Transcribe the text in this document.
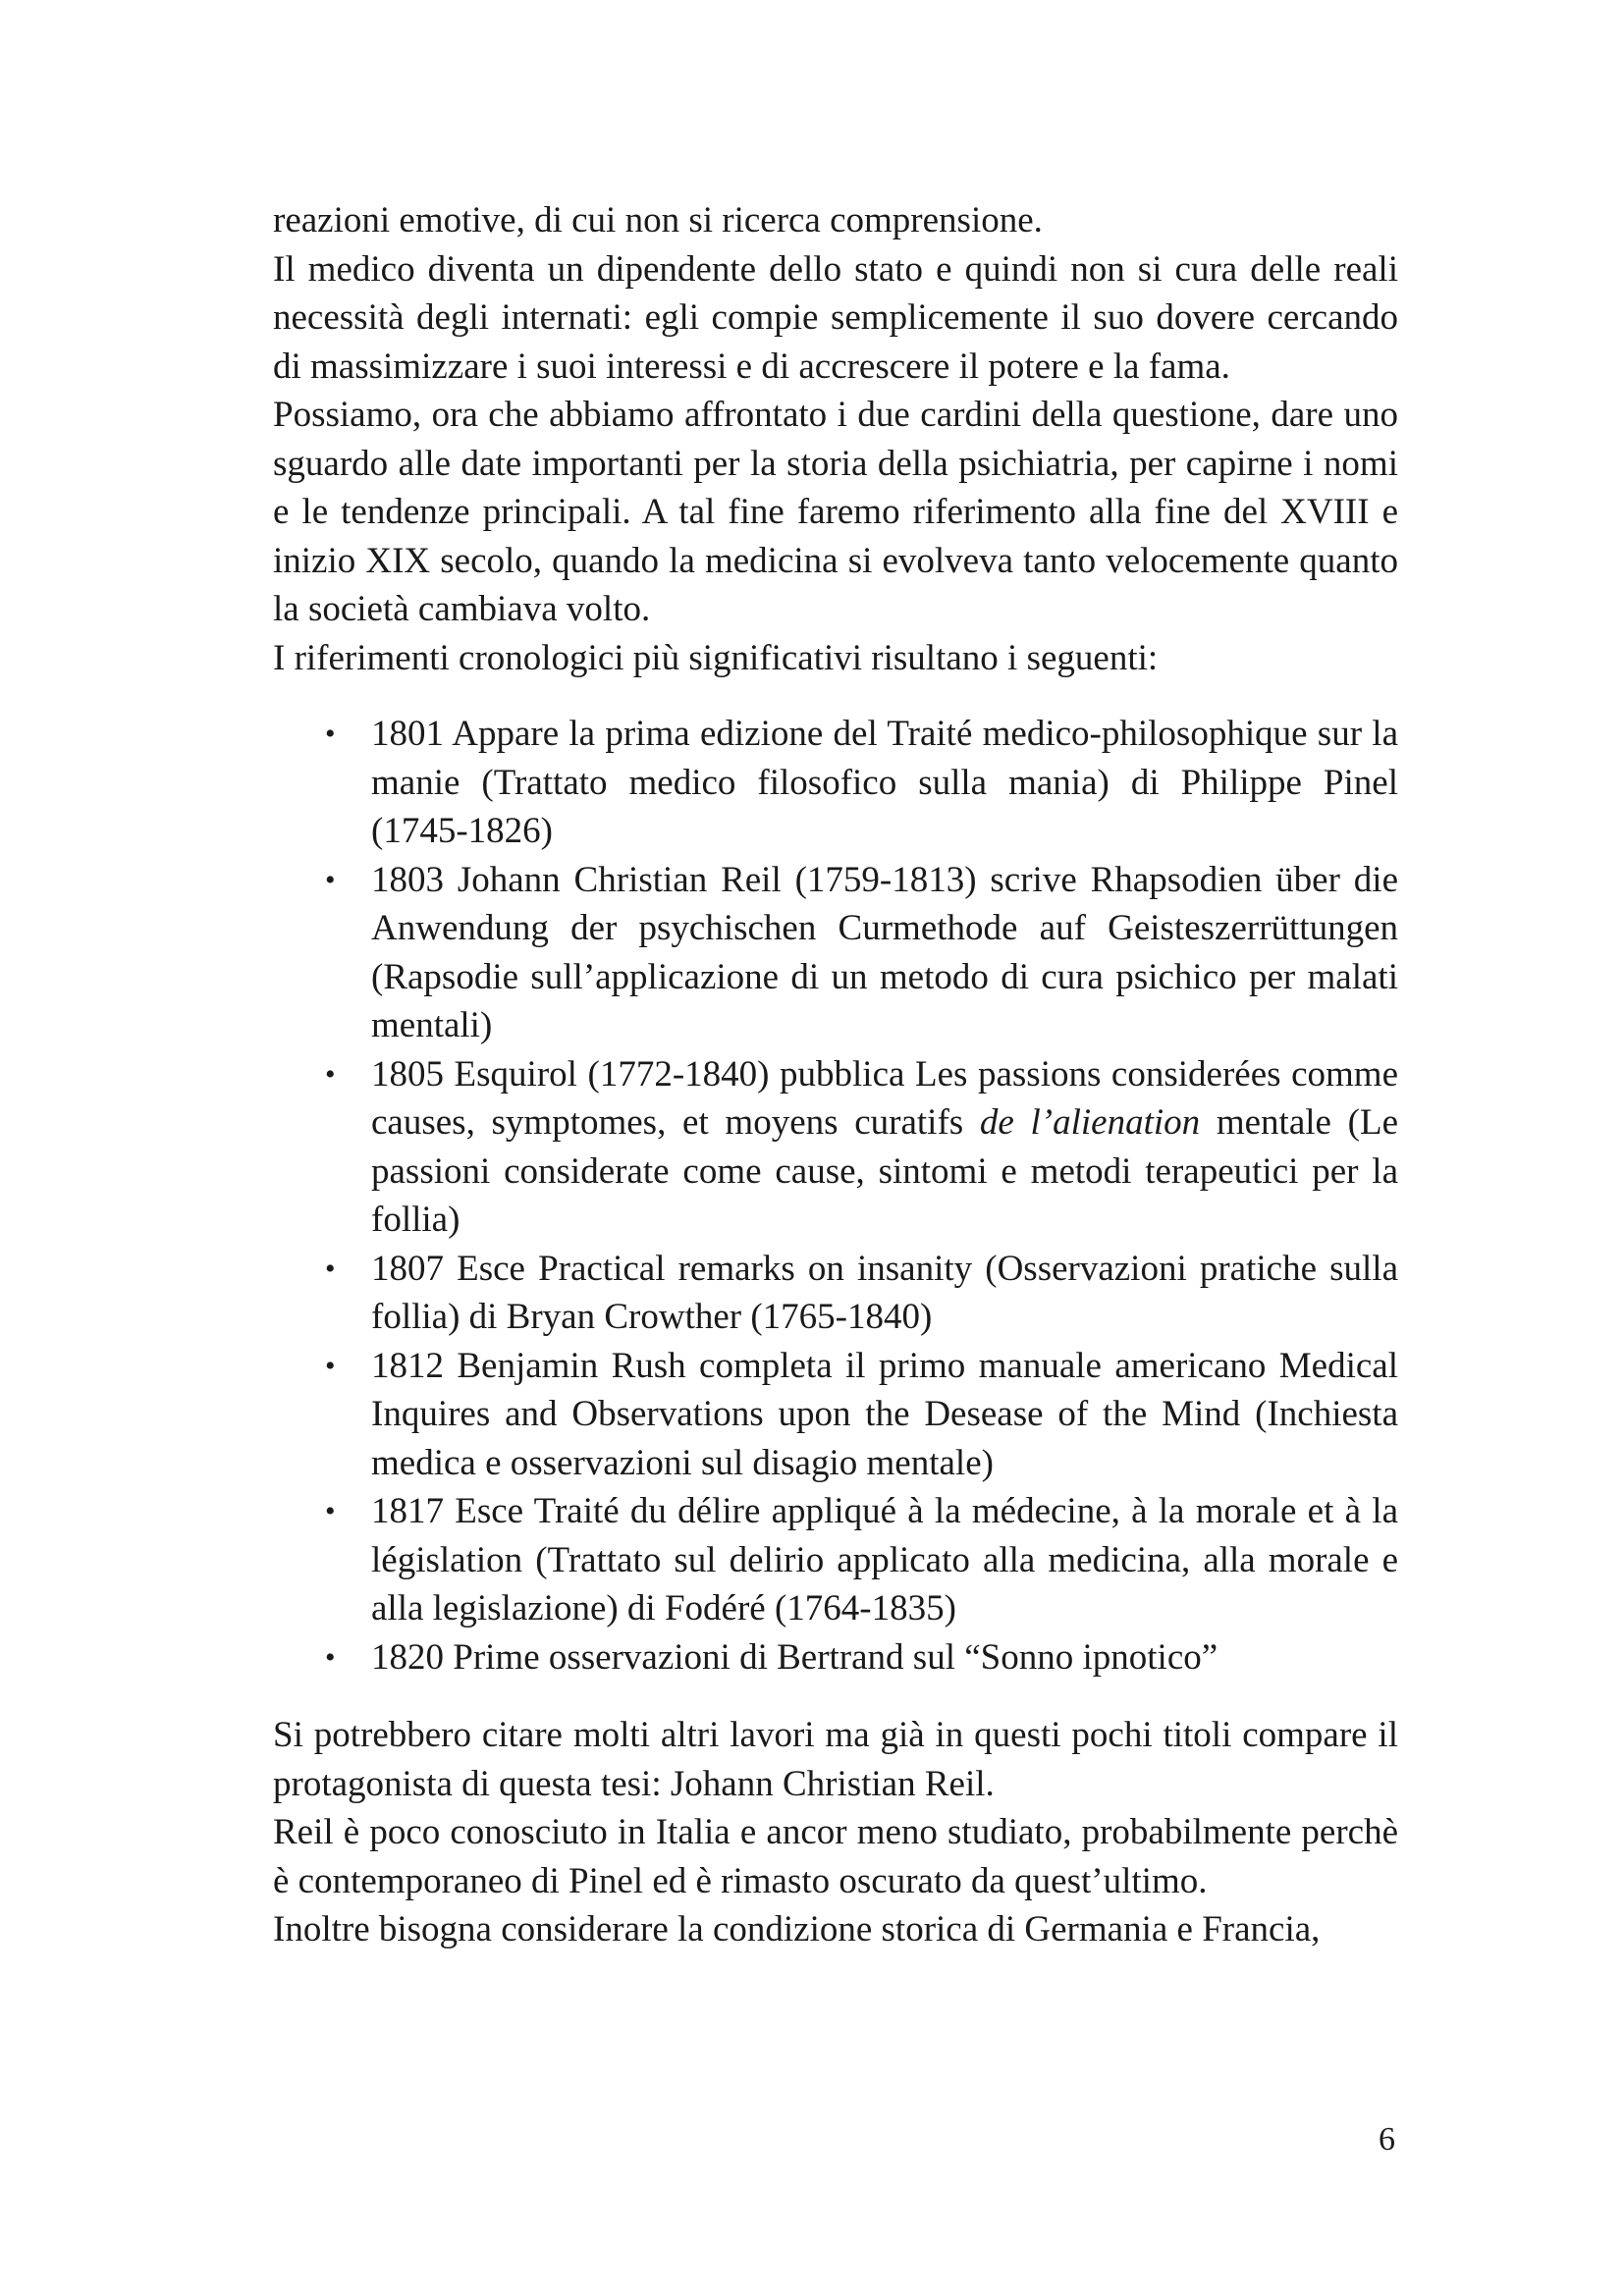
reazioni emotive, di cui non si ricerca comprensione.

Il medico diventa un dipendente dello stato e quindi non si cura delle reali necessità degli internati: egli compie semplicemente il suo dovere cercando di massimizzare i suoi interessi e di accrescere il potere e la fama.

Possiamo, ora che abbiamo affrontato i due cardini della questione, dare uno sguardo alle date importanti per la storia della psichiatria, per capirne i nomi e le tendenze principali. A tal fine faremo riferimento alla fine del XVIII e inizio XIX secolo, quando la medicina si evolveva tanto velocemente quanto la società cambiava volto.

I riferimenti cronologici più significativi risultano i seguenti:

• 1801 Appare la prima edizione del Traité medico-philosophique sur la manie (Trattato medico filosofico sulla mania) di Philippe Pinel (1745-1826)
• 1803 Johann Christian Reil (1759-1813) scrive Rhapsodien über die Anwendung der psychischen Curmethode auf Geisteszerrüttungen (Rapsodie sull’applicazione di un metodo di cura psichico per malati mentali)
• 1805 Esquirol (1772-1840) pubblica Les passions considerées comme causes, symptomes, et moyens curatifs de l’alienation mentale (Le passioni considerate come cause, sintomi e metodi terapeutici per la follia)
• 1807 Esce Practical remarks on insanity (Osservazioni pratiche sulla follia) di Bryan Crowther (1765-1840)
• 1812 Benjamin Rush completa il primo manuale americano Medical Inquires and Observations upon the Desease of the Mind (Inchiesta medica e osservazioni sul disagio mentale)
• 1817 Esce Traité du délire appliqué à la médecine, à la morale et à la législation (Trattato sul delirio applicato alla medicina, alla morale e alla legislazione) di Fodéré (1764-1835)
• 1820 Prime osservazioni di Bertrand sul “Sonno ipnotico”

Si potrebbero citare molti altri lavori ma già in questi pochi titoli compare il protagonista di questa tesi: Johann Christian Reil.

Reil è poco conosciuto in Italia e ancor meno studiato, probabilmente perchè è contemporaneo di Pinel ed è rimasto oscurato da quest’ultimo.

Inoltre bisogna considerare la condizione storica di Germania e Francia,

6
